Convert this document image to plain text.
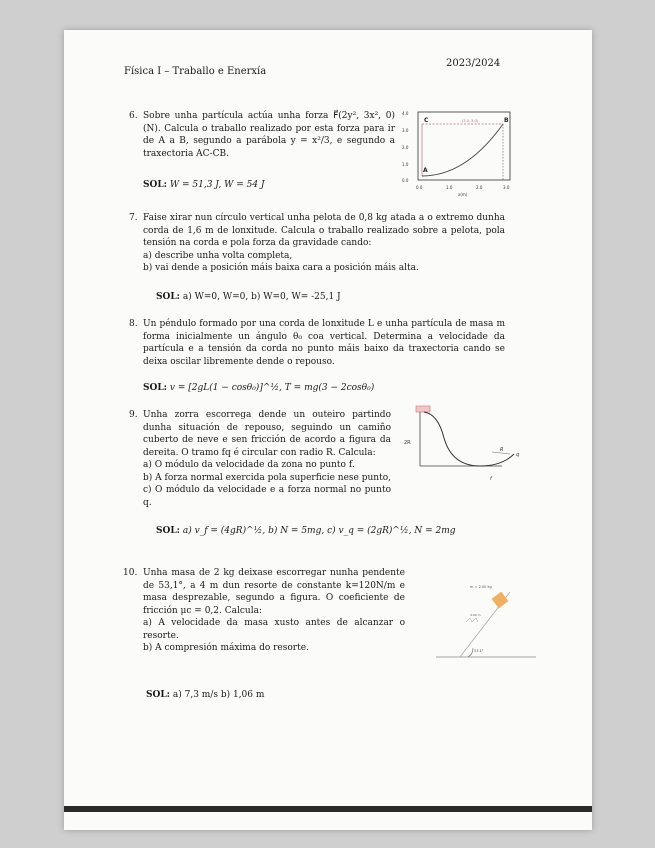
Física I – Traballo e Enerxía
2023/2024
6. Sobre unha partícula actúa unha forza F⃗(2y², 3x², 0)(N). Calcula o traballo realizado por esta forza para ir de A a B, segundo a parábola y = x²/3, e segundo a traxectoria AC-CB.

SOL: W = 51,3 J, W = 54 J
4.0
3.0
2.0
1.0
0.0
0.0	1.0	2.0	3.0
x(m)
A
C	B
(3.0, 3.0)
7. Faise xirar nun círculo vertical unha pelota de 0,8 kg atada a o extremo dunha corda de 1,6 m de lonxitude. Calcula o traballo realizado sobre a pelota, pola tensión na corda e pola forza da gravidade cando:

a) describe unha volta completa,
b) vai dende a posición máis baixa cara a posición máis alta.
SOL: a) W=0, W=0, b) W=0, W= -25,1 J
8. Un péndulo formado por una corda de lonxitude L e unha partícula de masa m forma inicialmente un ángulo θ₀ coa vertical. Determina a velocidade da partícula e a tensión da corda no punto máis baixo da traxectoria cando se deixa oscilar libremente dende o repouso.

SOL: v = [2gL(1 − cosθ₀)]^½, T = mg(3 − 2cosθ₀)
9. Unha zorra escorrega dende un outeiro partindo dunha situación de repouso, seguindo un camiño cuberto de neve e sen fricción de acordo a figura da dereita. O tramo fq é circular con radio R. Calcula:

a) O módulo da velocidade da zona no punto f.
b) A forza normal exercida pola superficie nese punto,
c) O módulo da velocidade e a forza normal no punto q.
SOL: a) v_f = (4gR)^½, b) N = 5mg, c) v_q = (2gR)^½, N = 2mg
2R
f
q
R
10. Unha masa de 2 kg deixase escorregar nunha pendente de 53,1°, a 4 m dun resorte de constante k=120N/m e masa desprezable, segundo a figura. O coeficiente de fricción μc = 0,2. Calcula:

a) A velocidade da masa xusto antes de alcanzar o resorte.
b) A compresión máxima do resorte.
SOL: a) 7,3 m/s b) 1,06 m
m = 2.00 kg
4.00 m
53.1°
